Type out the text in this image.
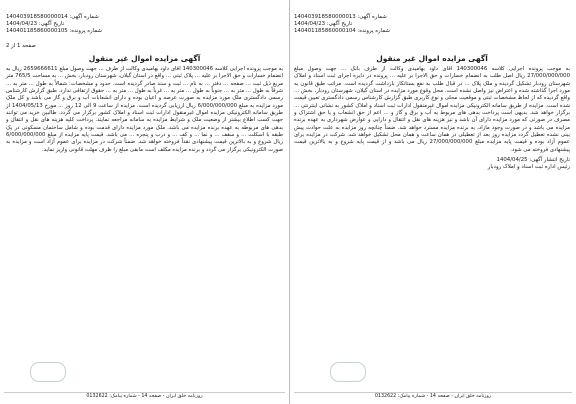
شماره آگهی: 140403918580000013
تاریخ آگهی: 1404/04/23
شماره پرونده: 140401185860000104
آگهی مزایده اموال غیر منقول

به موجب پرونده اجرایی کلاسه 140300046 اقای داود بهامیدی وکالت از طرف بانک ... جهت وصول مبلغ 27/000/000/000 ریال اصل طلب به انضمام خسارات و حق الاجرا بر علیه ... پرونده در دایره اجرای ثبت اسناد و املاک شهرستان رودبار تشکیل گردیده و ملک پلاک ... در قبال طلب به نفع بستانکار بازداشت گردیده است. مراتب طبق قانون به مورد اجرا گذاشته شده و اعتراض نیز واصل نشده است. محل وقوع مورد مزایده در استان گیلان، شهرستان رودبار، بخش ... واقع گردیده که از لحاظ مشخصات ثبتی و موقعیت محلی و نوع کاربری طبق گزارش کارشناس رسمی دادگستری تعیین قیمت شده است. مزایده از طریق سامانه الکترونیکی مزایده اموال غیرمنقول ادارات ثبت اسناد و املاک کشور به نشانی اینترنتی ... برگزار خواهد شد. بدیهی است پرداخت بدهی های مربوط به آب و برق و گاز و ... اعم از حق انشعاب و یا حق اشتراک و مصرف در صورتی که مورد مزایده دارای آن باشد و نیز هزینه های نقل و انتقال و دارایی و عوارض شهرداری به عهده برنده مزایده می باشد و در صورت وجود مازاد، به برنده مزایده مسترد خواهد شد. ضمناً چنانچه روز مزایده به علت حوادث پیش بینی نشده تعطیل گردد مزایده روز بعد از تعطیلی در همان ساعت و همان محل تشکیل خواهد شد. شرکت در مزایده برای عموم آزاد بوده و قیمت پایه مزایده مبلغ 27/000/000/000 ریال می باشد و از قیمت پایه شروع و به بالاترین قیمت پیشنهادی فروخته می شود.

تاریخ انتشار آگهی: 1404/04/25
رئیس اداره ثبت اسناد و املاک رودبار
روزنامه خلق ایران - صفحه 14 - شماره پیامک: 0132622
شماره آگهی: 140403918580000014
تاریخ آگهی: 1404/04/23
شماره پرونده: 140401185860000105
صفحه 1 از 2
آگهی مزایده اموال غیر منقول

به موجب پرونده اجرایی کلاسه 140300046 اقای داود بهامیدی وکالت از طرف ... جهت وصول مبلغ 2659666611 ریال به انضمام خسارات و حق الاجرا بر علیه ... پلاک ثبتی ... واقع در استان گیلان، شهرستان رودبار، بخش ... به مساحت 765/5 متر مربع ذیل ثبت ... صفحه ... دفتر ... به نام ... ثبت و سند صادر گردیده است. حدود و مشخصات: شمالاً به طول ... متر به ... شرقاً به طول ... متر به ... جنوباً به طول ... متر به ... غرباً به طول ... متر به ... حقوق ارتفاقی ندارد. طبق گزارش کارشناس رسمی دادگستری ملک مورد مزایده به صورت عرصه و اعیان بوده و دارای انشعابات آب و برق و گاز می باشد و کل ملک مورد مزایده به مبلغ 6/000/000/000 ریال ارزیابی گردیده است. مزایده از ساعت 9 الی 12 روز ... مورخ 1404/05/13 از طریق سامانه الکترونیکی مزایده اموال غیرمنقول ادارات ثبت اسناد و املاک کشور برگزار می گردد. طالبین خرید می توانند جهت کسب اطلاع بیشتر از وضعیت ملک و شرایط مزایده به سامانه مراجعه نمایند. پرداخت کلیه هزینه های نقل و انتقال و بدهی های مربوطه به عهده برنده مزایده می باشد. ملک مورد مزایده دارای قدمت بوده و شامل ساختمان مسکونی در یک طبقه با اسکلت ... و سقف ... و نما ... و کف ... و درب و پنجره ... می باشد. قیمت پایه مزایده از مبلغ 6/000/000/000 ریال شروع و به بالاترین قیمت پیشنهادی نقداً فروخته خواهد شد. ضمناً شرکت در مزایده برای عموم آزاد است و مزایده به صورت الکترونیکی برگزار می گردد و برنده مزایده مکلف است مابقی مبلغ را ظرف مهلت قانونی واریز نماید.

روزنامه خلق ایران - صفحه 14 - شماره پیامک: 0132622
